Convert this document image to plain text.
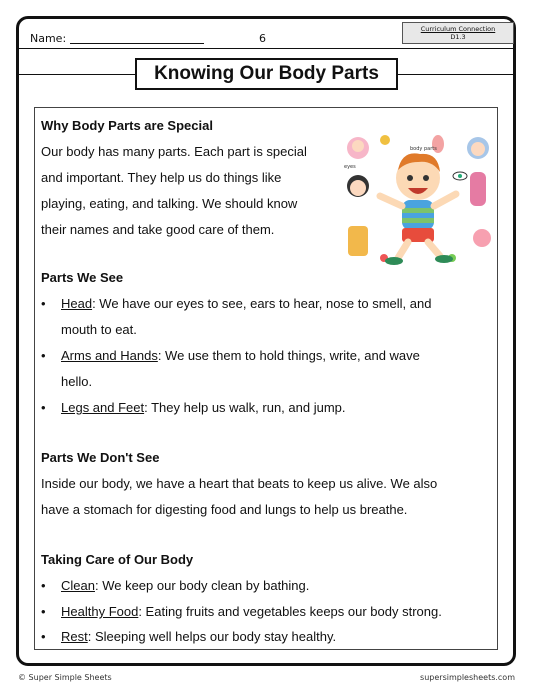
Name:	6
Curriculum Connection
D1.3
Knowing Our Body Parts
Why Body Parts are Special
Our body has many parts. Each part is special
and important. They help us do things like
playing, eating, and talking. We should know
their names and take good care of them.
body parts
eyes
Parts We See
• Head: We have our eyes to see, ears to hear, nose to smell, and
mouth to eat.
• Arms and Hands: We use them to hold things, write, and wave
hello.
• Legs and Feet: They help us walk, run, and jump.
Parts We Don't See
Inside our body, we have a heart that beats to keep us alive. We also
have a stomach for digesting food and lungs to help us breathe.
Taking Care of Our Body
• Clean: We keep our body clean by bathing.
• Healthy Food: Eating fruits and vegetables keeps our body strong.
• Rest: Sleeping well helps our body stay healthy.
© Super Simple Sheets	supersimplesheets.com
